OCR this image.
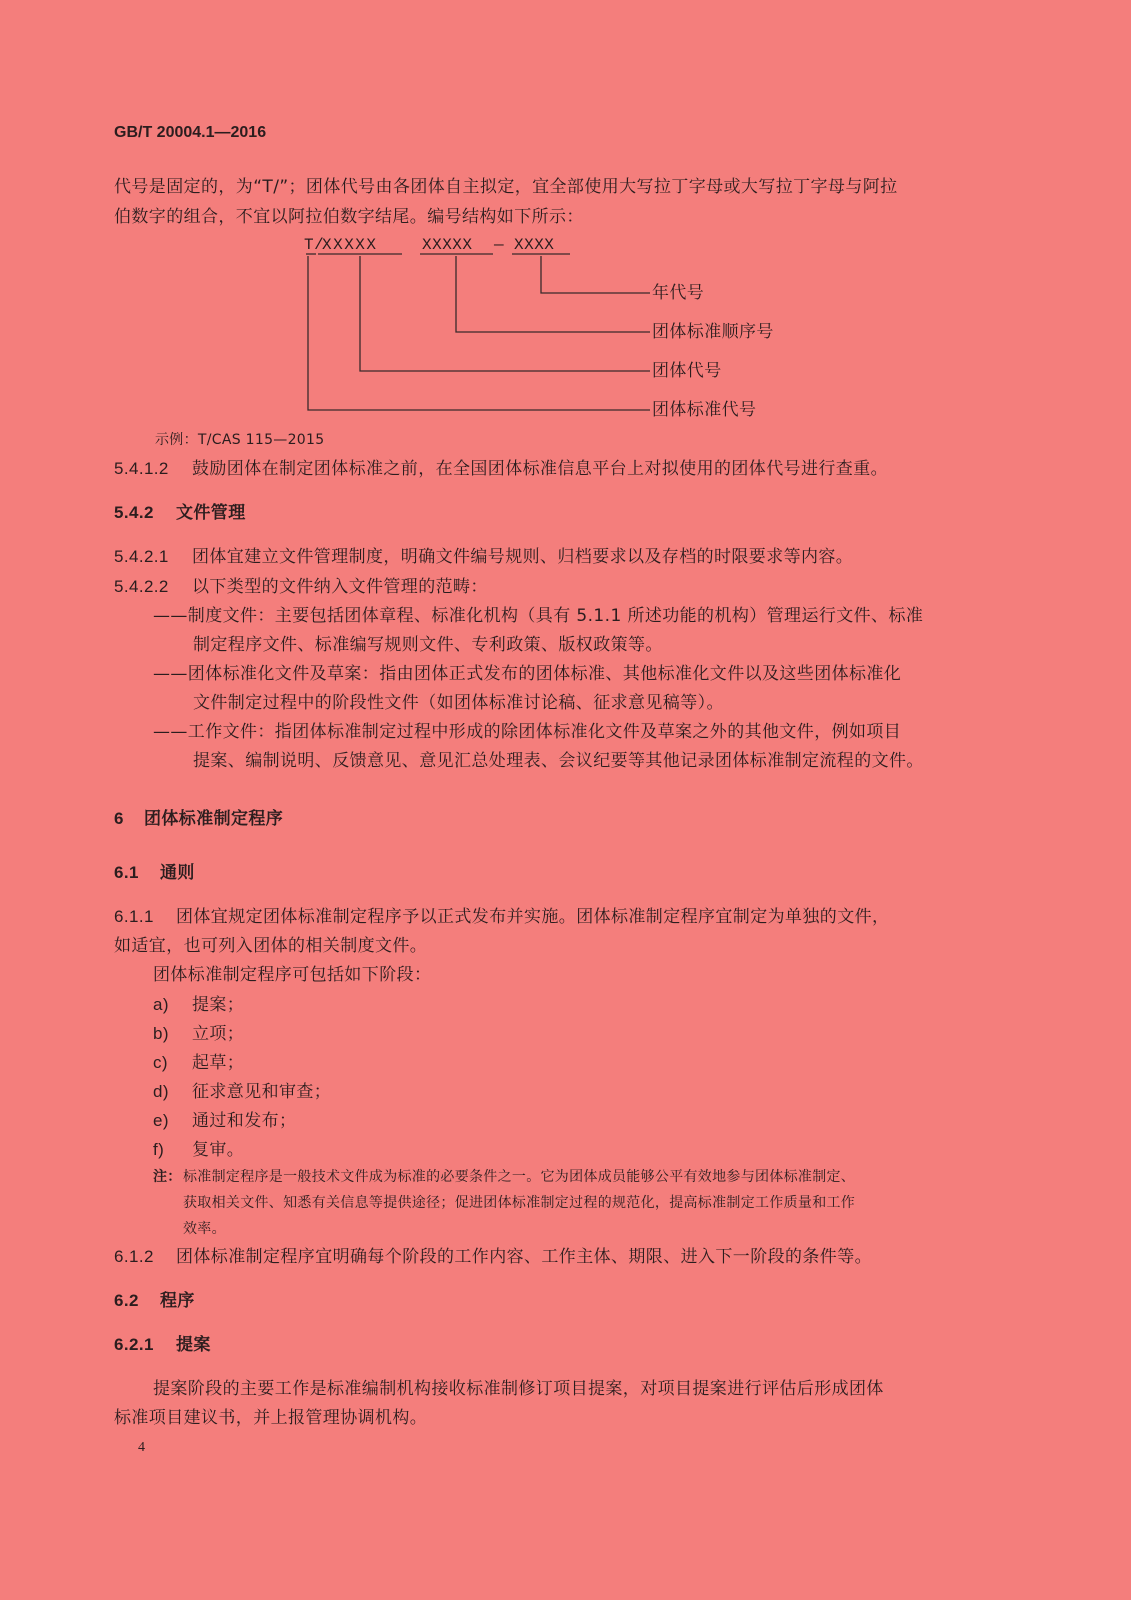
GB/T 20004.1—2016
代号是固定的，为“T/”；团体代号由各团体自主拟定，宜全部使用大写拉丁字母或大写拉丁字母与阿拉
伯数字的组合，不宜以阿拉伯数字结尾。编号结构如下所示：
T/
XXXXX	XXXXX — XXXX
年代号
团体标准顺序号
团体代号
团体标准代号
示例：T/CAS 115—2015
5.4.1.2 鼓励团体在制定团体标准之前，在全国团体标准信息平台上对拟使用的团体代号进行查重。
5.4.2 文件管理
5.4.2.1 团体宜建立文件管理制度，明确文件编号规则、归档要求以及存档的时限要求等内容。
5.4.2.2 以下类型的文件纳入文件管理的范畴：
——制度文件：主要包括团体章程、标准化机构（具有 5.1.1 所述功能的机构）管理运行文件、标准
制定程序文件、标准编写规则文件、专利政策、版权政策等。
——团体标准化文件及草案：指由团体正式发布的团体标准、其他标准化文件以及这些团体标准化
文件制定过程中的阶段性文件（如团体标准讨论稿、征求意见稿等）。
——工作文件：指团体标准制定过程中形成的除团体标准化文件及草案之外的其他文件，例如项目
提案、编制说明、反馈意见、意见汇总处理表、会议纪要等其他记录团体标准制定流程的文件。
6 团体标准制定程序
6.1 通则
6.1.1 团体宜规定团体标准制定程序予以正式发布并实施。团体标准制定程序宜制定为单独的文件，
如适宜，也可列入团体的相关制度文件。
团体标准制定程序可包括如下阶段：
a) 提案；
b) 立项；
c) 起草；
d) 征求意见和审查；
e) 通过和发布；
f) 复审。
注： 标准制定程序是一般技术文件成为标准的必要条件之一。它为团体成员能够公平有效地参与团体标准制定、
获取相关文件、知悉有关信息等提供途径；促进团体标准制定过程的规范化，提高标准制定工作质量和工作
效率。
6.1.2 团体标准制定程序宜明确每个阶段的工作内容、工作主体、期限、进入下一阶段的条件等。
6.2 程序
6.2.1 提案
提案阶段的主要工作是标准编制机构接收标准制修订项目提案，对项目提案进行评估后形成团体
标准项目建议书，并上报管理协调机构。
4
